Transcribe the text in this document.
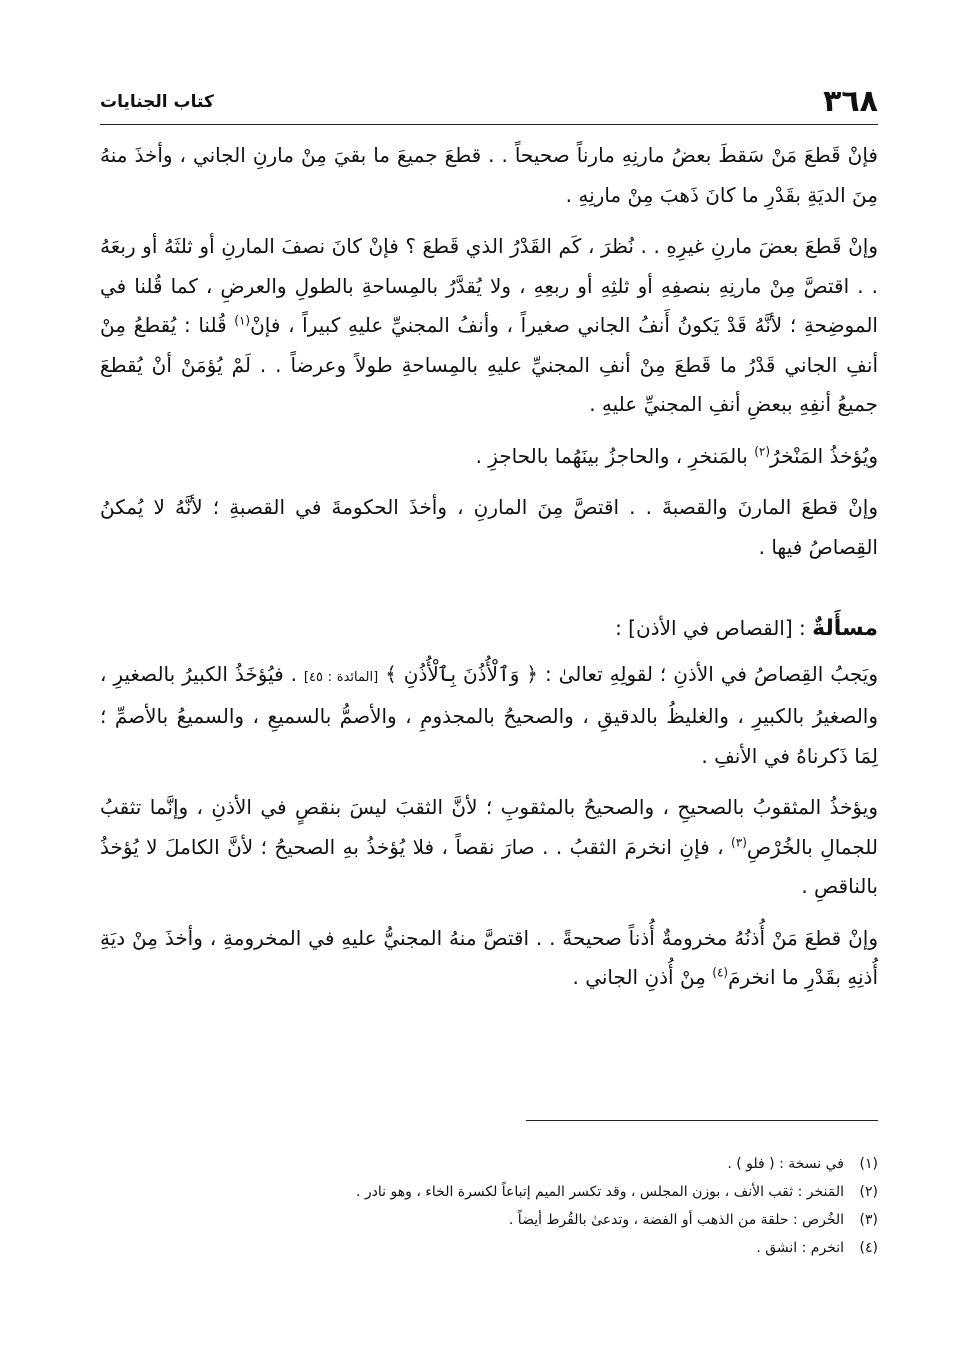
٣٦٨
كتاب الجنايات

فإنْ قَطعَ مَنْ سَقطَ بعضُ مارنِهِ مارناً صحيحاً . . قطعَ جميعَ ما بقيَ مِنْ مارنِ الجاني ، وأخذَ منهُ مِنَ الديَةِ بقَدْرِ ما كانَ ذَهبَ مِنْ مارنِهِ .

وإنْ قَطعَ بعضَ مارنِ غيرِهِ . . نُظرَ ، كَم القَدْرُ الذي قَطعَ ؟ فإنْ كانَ نصفَ المارنِ أو ثلثَهُ أو ربعَهُ . . اقتصَّ مِنْ مارنِهِ بنصفِهِ أو ثلثِهِ أو ربعِهِ ، ولا يُقدَّرُ بالمِساحةِ بالطولِ والعرضِ ، كما قُلنا في الموضِحةِ ؛ لأنَّهُ قَدْ يَكونُ أَنفُ الجاني صغيراً ، وأنفُ المجنيِّ عليهِ كبيراً ، فإنْ$^{(١)}$ قُلنا : يُقطعُ مِنْ أنفِ الجاني قَدْرُ ما قَطعَ مِنْ أنفِ المجنيِّ عليهِ بالمِساحةِ طولاً وعرضاً . . لَمْ يُؤمَنْ أنْ يُقطعَ جميعُ أنفِهِ ببعضِ أنفِ المجنيِّ عليهِ .

ويُؤخذُ المَنْخرُ$^{(٢)}$ بالمَنخرِ ، والحاجزُ بينَهُما بالحاجزِ .

وإنْ قطعَ المارنَ والقصبةَ . . اقتصَّ مِنَ المارنِ ، وأخذَ الحكومةَ في القصبةِ ؛ لأنَّهُ لا يُمكنُ القِصاصُ فيها .

مسأَلةٌ : [القصاص في الأذن] :

ويَجبُ القِصاصُ في الأذنِ ؛ لقولِهِ تعالىٰ : ﴿ وَٱلْأُذُنَ بِٱلْأُذُنِ ﴾ [المائدة : ٤٥] . فيُؤخَذُ الكبيرُ بالصغيرِ ، والصغيرُ بالكبيرِ ، والغليظُ بالدقيقِ ، والصحيحُ بالمجذومِ ، والأصمُّ بالسميعِ ، والسميعُ بالأصمِّ ؛ لِمَا ذَكرناهُ في الأنفِ .

ويؤخذُ المثقوبُ بالصحيحِ ، والصحيحُ بالمثقوبِ ؛ لأنَّ الثقبَ ليسَ بنقصٍ في الأذنِ ، وإنَّما تثقبُ للجمالِ بالخُرْصِ$^{(٣)}$ ، فإنِ انخرمَ الثقبُ . . صارَ نقصاً ، فلا يُؤخذُ بهِ الصحيحُ ؛ لأنَّ الكاملَ لا يُؤخذُ بالناقصِ .

وإنْ قطعَ مَنْ أُذنُهُ مخرومةٌ أُذناً صحيحةً . . اقتصَّ منهُ المجنيُّ عليهِ في المخرومةِ ، وأخذَ مِنْ ديَةِ أُذنِهِ بقَدْرِ ما انخرمَ$^{(٤)}$ مِنْ أُذنِ الجاني .

(١)في نسخة : ( فلو ) .
(٢)المَنخر : ثقب الأنف ، بوزن المجلس ، وقد تكسر الميم إتباعاً لكسرة الخاء ، وهو نادر .
(٣)الخُرص : حلقة من الذهب أو الفضة ، وتدعىٰ بالقُرط أيضاً .
(٤)انخرم : انشق .
